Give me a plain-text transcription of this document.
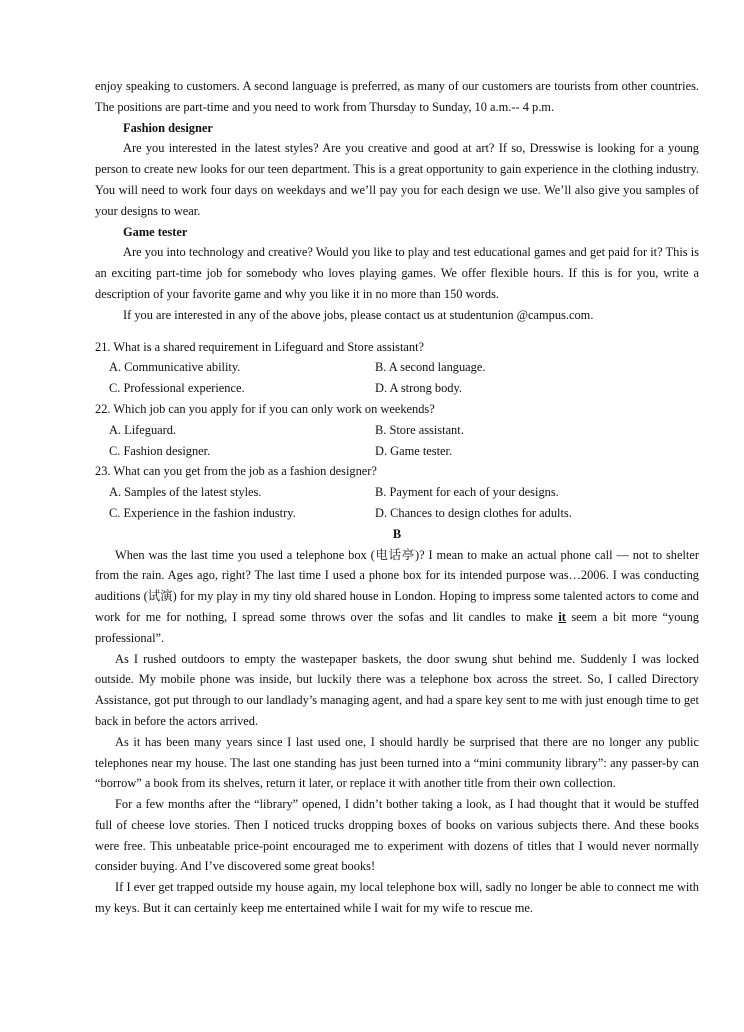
enjoy speaking to customers. A second language is preferred, as many of our customers are tourists from other countries. The positions are part-time and you need to work from Thursday to Sunday, 10 a.m.-- 4 p.m.

Fashion designer

Are you interested in the latest styles? Are you creative and good at art? If so, Dresswise is looking for a young person to create new looks for our teen department. This is a great opportunity to gain experience in the clothing industry. You will need to work four days on weekdays and we’ll pay you for each design we use. We’ll also give you samples of your designs to wear.

Game tester

Are you into technology and creative? Would you like to play and test educational games and get paid for it? This is an exciting part-time job for somebody who loves playing games. We offer flexible hours. If this is for you, write a description of your favorite game and why you like it in no more than 150 words.

If you are interested in any of the above jobs, please contact us at studentunion @campus.com.

21. What is a shared requirement in Lifeguard and Store assistant?

A. Communicative ability.	B. A second language.
C. Professional experience.	D. A strong body.

22. Which job can you apply for if you can only work on weekends?

A. Lifeguard.	B. Store assistant.
C. Fashion designer.	D. Game tester.

23. What can you get from the job as a fashion designer?

A. Samples of the latest styles.	B. Payment for each of your designs.
C. Experience in the fashion industry.	D. Chances to design clothes for adults.

B

When was the last time you used a telephone box (电话亭)? I mean to make an actual phone call — not to shelter from the rain. Ages ago, right? The last time I used a phone box for its intended purpose was…2006. I was conducting auditions (试演) for my play in my tiny old shared house in London. Hoping to impress some talented actors to come and work for me for nothing, I spread some throws over the sofas and lit candles to make it seem a bit more “young professional”.

As I rushed outdoors to empty the wastepaper baskets, the door swung shut behind me. Suddenly I was locked outside. My mobile phone was inside, but luckily there was a telephone box across the street. So, I called Directory Assistance, got put through to our landlady’s managing agent, and had a spare key sent to me with just enough time to get back in before the actors arrived.

As it has been many years since I last used one, I should hardly be surprised that there are no longer any public telephones near my house. The last one standing has just been turned into a “mini community library”: any passer-by can “borrow” a book from its shelves, return it later, or replace it with another title from their own collection.

For a few months after the “library” opened, I didn’t bother taking a look, as I had thought that it would be stuffed full of cheese love stories. Then I noticed trucks dropping boxes of books on various subjects there. And these books were free. This unbeatable price-point encouraged me to experiment with dozens of titles that I would never normally consider buying. And I’ve discovered some great books!

If I ever get trapped outside my house again, my local telephone box will, sadly no longer be able to connect me with my keys. But it can certainly keep me entertained while I wait for my wife to rescue me.
